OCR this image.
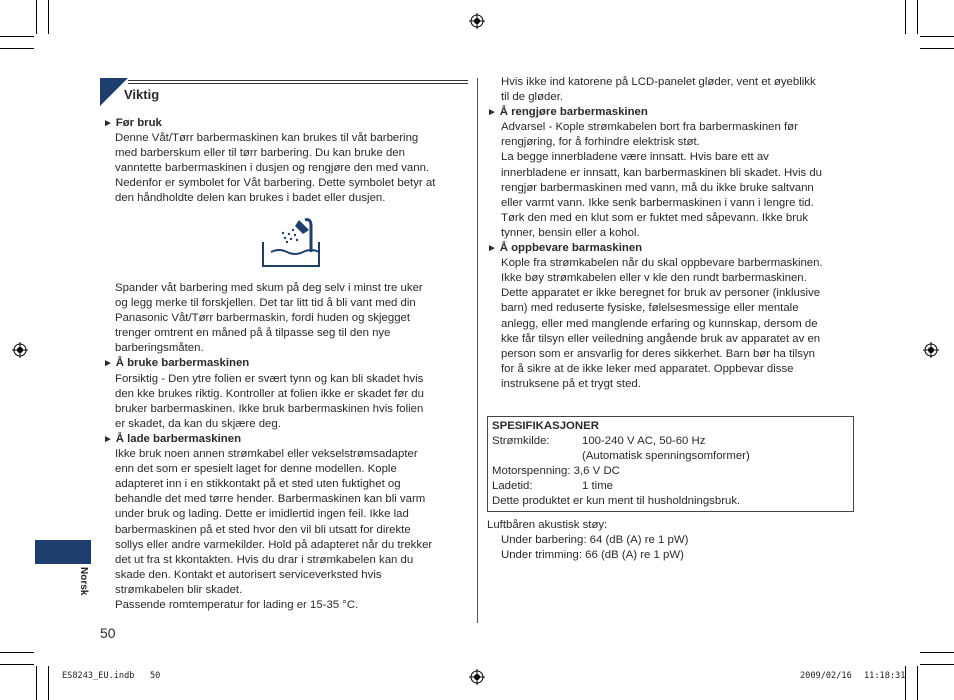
Viktig
► Før bruk
Denne Våt/Tørr barbermaskinen kan brukes til våt barbering
med barberskum eller til tørr barbering. Du kan bruke den
vanntette barbermaskinen i dusjen og rengjøre den med vann.
Nedenfor er symbolet for Våt barbering. Dette symbolet betyr at
den håndholdte delen kan brukes i badet eller dusjen.
Spander våt barbering med skum på deg selv i minst tre uker
og legg merke til forskjellen. Det tar litt tid å bli vant med din
Panasonic Våt/Tørr barbermaskin, fordi huden og skjegget
trenger omtrent en måned på å tilpasse seg til den nye
barberingsmåten.
► Å bruke barbermaskinen
Forsiktig - Den ytre folien er svært tynn og kan bli skadet hvis
den kke brukes riktig. Kontroller at folien ikke er skadet før du
bruker barbermaskinen. Ikke bruk barbermaskinen hvis folien
er skadet, da kan du skjære deg.
► Å lade barbermaskinen
Ikke bruk noen annen strømkabel eller vekselstrømsadapter
enn det som er spesielt laget for denne modellen. Kople
adapteret inn i en stikkontakt på et sted uten fuktighet og
behandle det med tørre hender. Barbermaskinen kan bli varm
under bruk og lading. Dette er imidlertid ingen feil. Ikke lad
barbermaskinen på et sted hvor den vil bli utsatt for direkte
sollys eller andre varmekilder. Hold på adapteret når du trekker
det ut fra st kkontakten. Hvis du drar i strømkabelen kan du
skade den. Kontakt et autorisert serviceverksted hvis
strømkabelen blir skadet.
Passende romtemperatur for lading er 15-35 °C.
Hvis ikke ind katorene på LCD-panelet gløder, vent et øyeblikk
til de gløder.
► Å rengjøre barbermaskinen
Advarsel - Kople strømkabelen bort fra barbermaskinen før
rengjøring, for å forhindre elektrisk støt.
La begge innerbladene være innsatt. Hvis bare ett av
innerbladene er innsatt, kan barbermaskinen bli skadet. Hvis du
rengjør barbermaskinen med vann, må du ikke bruke saltvann
eller varmt vann. Ikke senk barbermaskinen i vann i lengre tid.
Tørk den med en klut som er fuktet med såpevann. Ikke bruk
tynner, bensin eller a kohol.
► Å oppbevare barmaskinen
Kople fra strømkabelen når du skal oppbevare barbermaskinen.
Ikke bøy strømkabelen eller v kle den rundt barbermaskinen.
Dette apparatet er ikke beregnet for bruk av personer (inklusive
barn) med reduserte fysiske, følelsesmessige eller mentale
anlegg, eller med manglende erfaring og kunnskap, dersom de
kke får tilsyn eller veiledning angående bruk av apparatet av en
person som er ansvarlig for deres sikkerhet. Barn bør ha tilsyn
for å sikre at de ikke leker med apparatet. Oppbevar disse
instruksene på et trygt sted.
SPESIFIKASJONER
Strømkilde:	100-240 V AC, 50-60 Hz
(Automatisk spenningsomformer)
Motorspenning: 3,6 V DC
Ladetid:	1 time
Dette produktet er kun ment til husholdningsbruk.
Luftbåren akustisk støy:
Under barbering: 64 (dB (A) re 1 pW)
Under trimming: 66 (dB (A) re 1 pW)
Norsk
50
ES8243_EU.indb 50	2009/02/16 11:18:31
